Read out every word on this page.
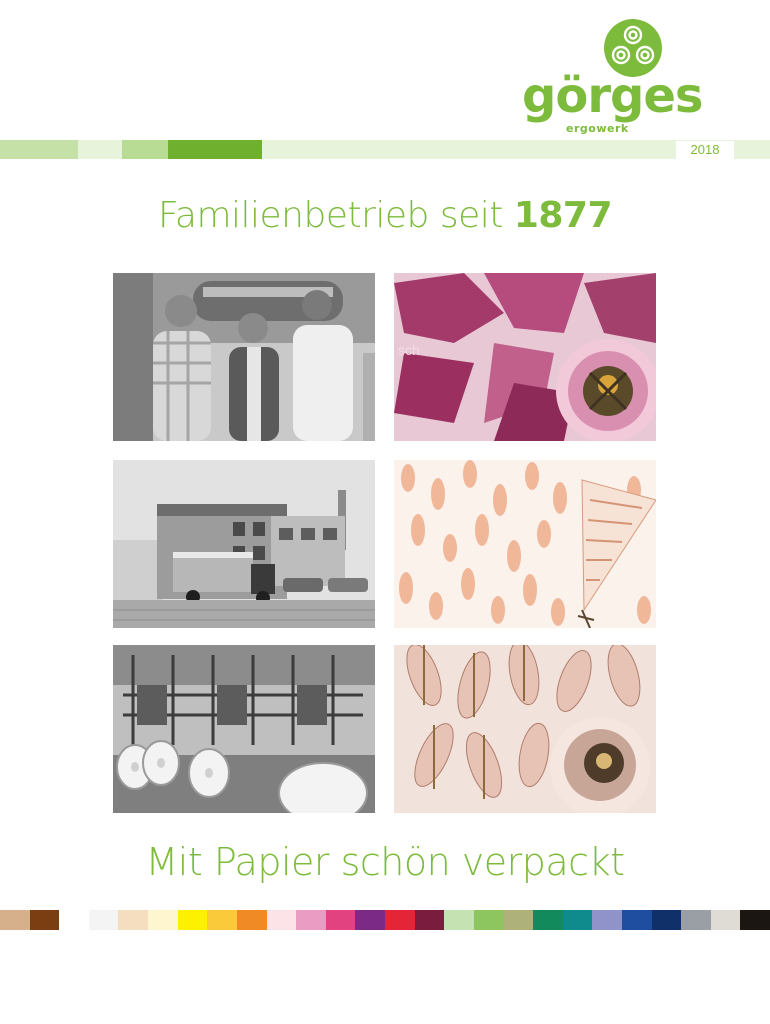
görges
ergowerk
2018
Familienbetrieb seit 1877
sch
Mit Papier schön verpackt
